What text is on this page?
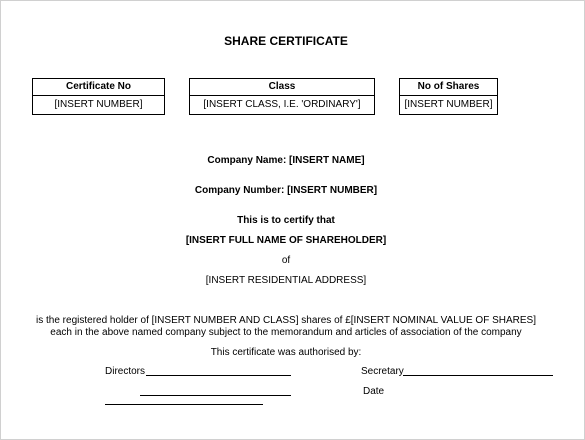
SHARE CERTIFICATE
Certificate No
[INSERT NUMBER]
Class
[INSERT CLASS, I.E. 'ORDINARY']
No of Shares
[INSERT NUMBER]
Company Name: [INSERT NAME]
Company Number: [INSERT NUMBER]
This is to certify that
[INSERT FULL NAME OF SHAREHOLDER]
of
[INSERT RESIDENTIAL ADDRESS]
is the registered holder of [INSERT NUMBER AND CLASS] shares of £[INSERT NOMINAL VALUE OF SHARES]
each in the above named company subject to the memorandum and articles of association of the company
This certificate was authorised by:
Directors	Secretary
Date
